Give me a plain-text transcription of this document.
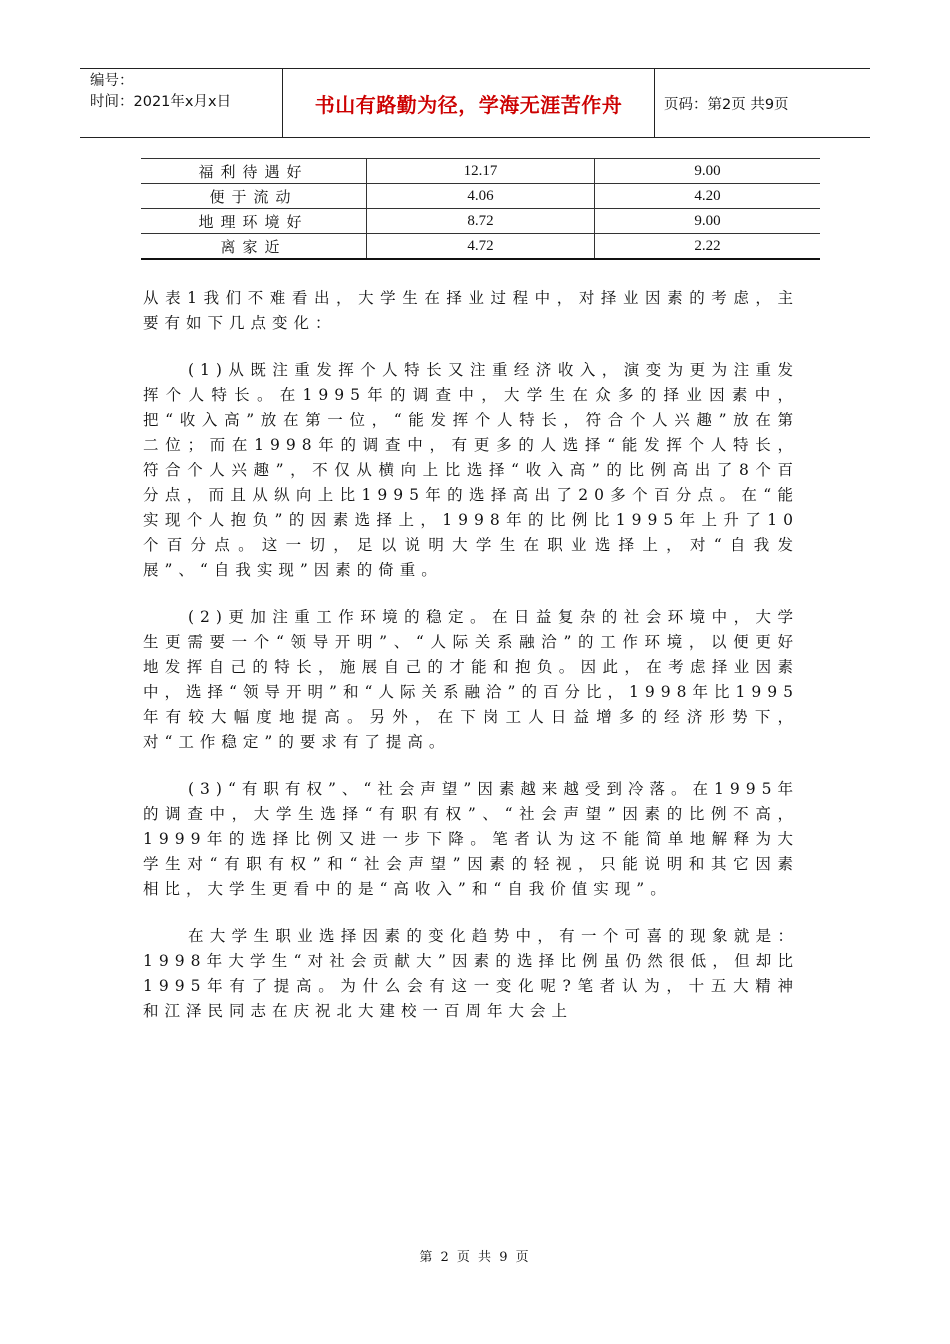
编号：
时间：2021年x月x日	书山有路勤为径，学海无涯苦作舟	页码：第2页 共9页
福利待遇好	12.17	9.00
便于流动	4.06	4.20
地理环境好	8.72	9.00
离家近	4.72	2.22

从表1我们不难看出，大学生在择业过程中，对择业因素的考虑，主要有如下几点变化：

(1)从既注重发挥个人特长又注重经济收入，演变为更为注重发挥个人特长。在1995年的调查中，大学生在众多的择业因素中，把“收入高”放在第一位，“能发挥个人特长，符合个人兴趣”放在第二位；而在1998年的调查中，有更多的人选择“能发挥个人特长，符合个人兴趣”，不仅从横向上比选择“收入高”的比例高出了8个百分点，而且从纵向上比1995年的选择高出了20多个百分点。在“能实现个人抱负”的因素选择上，1998年的比例比1995年上升了10个百分点。这一切，足以说明大学生在职业选择上，对“自我发展”、“自我实现”因素的倚重。

(2)更加注重工作环境的稳定。在日益复杂的社会环境中，大学生更需要一个“领导开明”、“人际关系融洽”的工作环境，以便更好地发挥自己的特长，施展自己的才能和抱负。因此，在考虑择业因素中，选择“领导开明”和“人际关系融洽”的百分比，1998年比1995年有较大幅度地提高。另外，在下岗工人日益增多的经济形势下，对“工作稳定”的要求有了提高。

(3)“有职有权”、“社会声望”因素越来越受到冷落。在1995年的调查中，大学生选择“有职有权”、“社会声望”因素的比例不高，1999年的选择比例又进一步下降。笔者认为这不能简单地解释为大学生对“有职有权”和“社会声望”因素的轻视，只能说明和其它因素相比，大学生更看中的是“高收入”和“自我价值实现”。

在大学生职业选择因素的变化趋势中，有一个可喜的现象就是：1998年大学生“对社会贡献大”因素的选择比例虽仍然很低，但却比1995年有了提高。为什么会有这一变化呢?笔者认为，十五大精神和江泽民同志在庆祝北大建校一百周年大会上

第 2 页 共 9 页
